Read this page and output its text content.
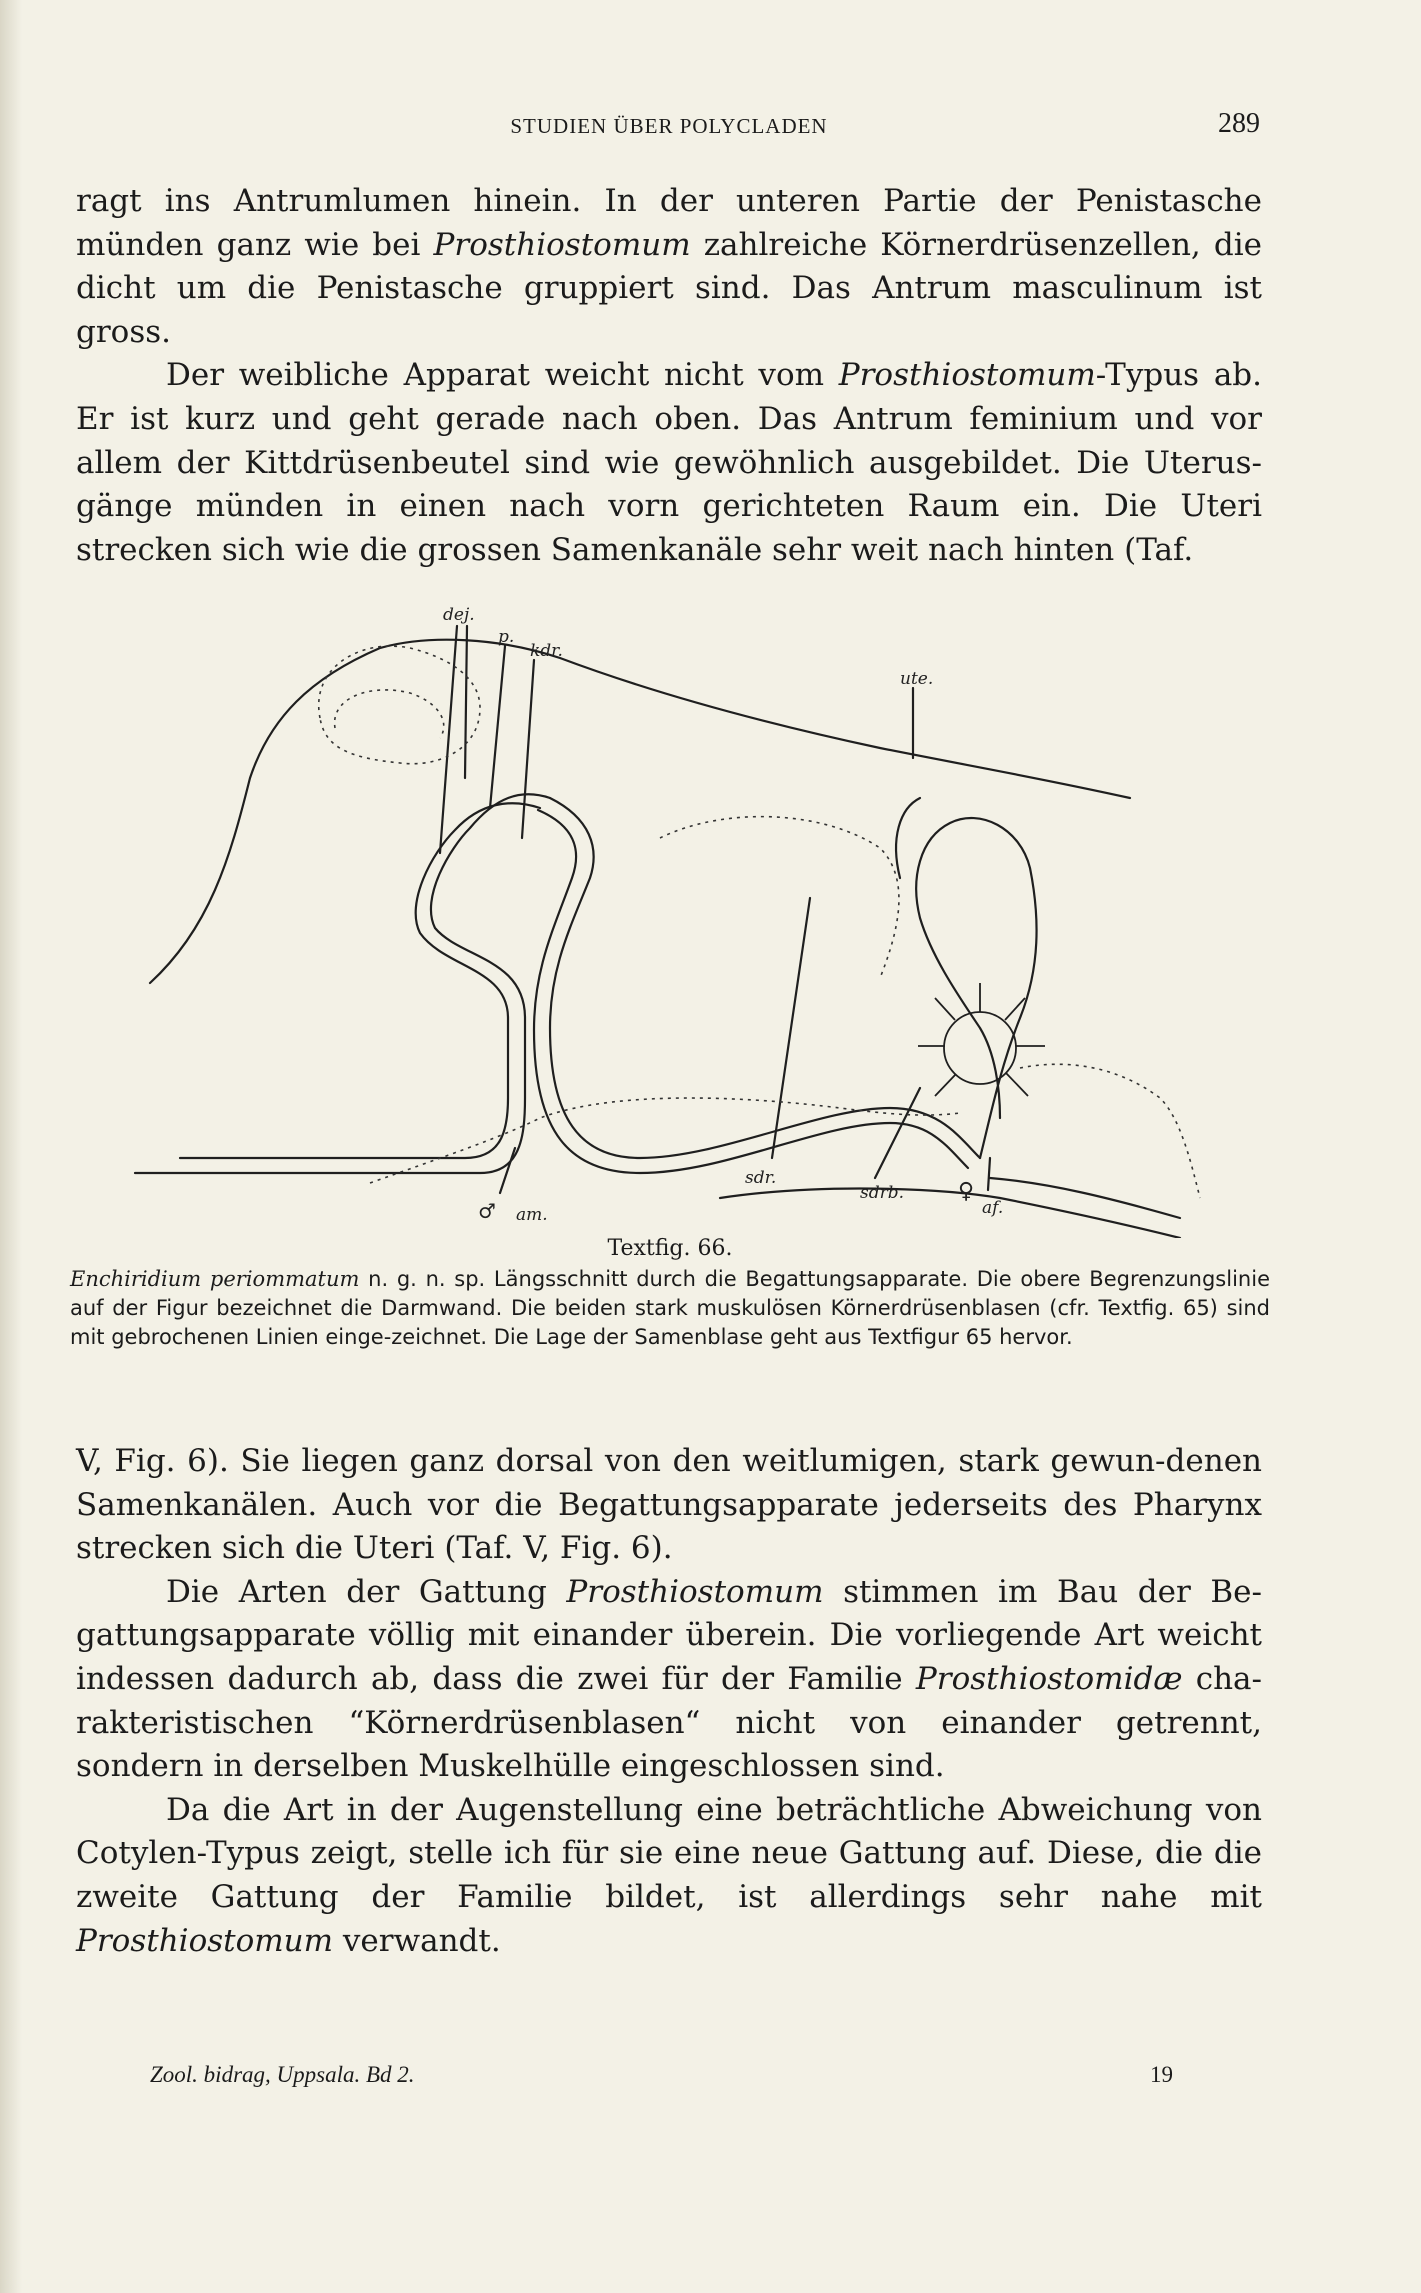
STUDIEN ÜBER POLYCLADEN	289

ragt ins Antrumlumen hinein. In der unteren Partie der Penistasche münden ganz wie bei Prosthiostomum zahlreiche Körnerdrüsenzellen, die dicht um die Penistasche gruppiert sind. Das Antrum masculinum ist gross.

Der weibliche Apparat weicht nicht vom Prosthiostomum-Typus ab. Er ist kurz und geht gerade nach oben. Das Antrum feminium und vor allem der Kittdrüsenbeutel sind wie gewöhnlich ausgebildet. Die Uterus-gänge münden in einen nach vorn gerichteten Raum ein. Die Uteri strecken sich wie die grossen Samenkanäle sehr weit nach hinten (Taf.

dej.
p.
kdr.
ute.
♂ am.
sdr.
sdrb. ♀
af.
Textfig. 66.
Enchiridium periommatum n. g. n. sp. Längsschnitt durch die Begattungsapparate. Die obere Begrenzungslinie auf der Figur bezeichnet die Darmwand. Die beiden stark muskulösen Körnerdrüsenblasen (cfr. Textfig. 65) sind mit gebrochenen Linien einge-zeichnet. Die Lage der Samenblase geht aus Textfigur 65 hervor.

V, Fig. 6). Sie liegen ganz dorsal von den weitlumigen, stark gewun-denen Samenkanälen. Auch vor die Begattungsapparate jederseits des Pharynx strecken sich die Uteri (Taf. V, Fig. 6).

Die Arten der Gattung Prosthiostomum stimmen im Bau der Be-gattungsapparate völlig mit einander überein. Die vorliegende Art weicht indessen dadurch ab, dass die zwei für der Familie Prosthiostomidæ cha-rakteristischen “Körnerdrüsenblasen“ nicht von einander getrennt, sondern in derselben Muskelhülle eingeschlossen sind.

Da die Art in der Augenstellung eine beträchtliche Abweichung von Cotylen-Typus zeigt, stelle ich für sie eine neue Gattung auf. Diese, die die zweite Gattung der Familie bildet, ist allerdings sehr nahe mit Prosthiostomum verwandt.

Zool. bidrag, Uppsala. Bd 2.	19
